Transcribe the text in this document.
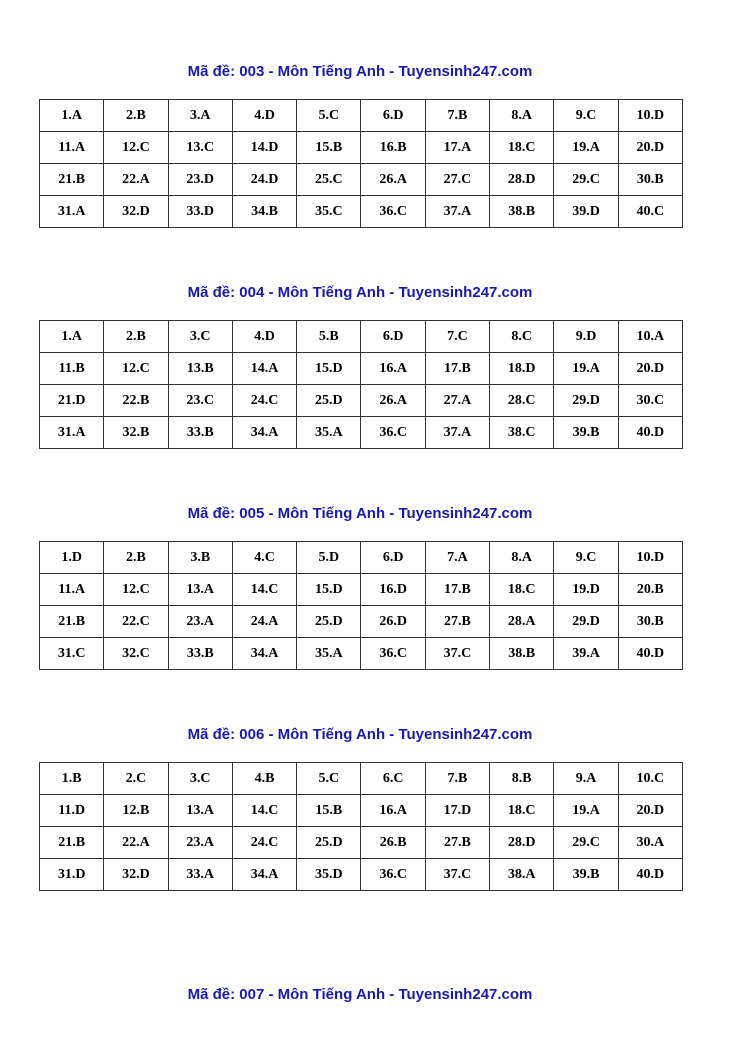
Mã đề: 003 - Môn Tiếng Anh - Tuyensinh247.com
1.A	2.B	3.A	4.D	5.C	6.D	7.B	8.A	9.C	10.D
11.A	12.C	13.C	14.D	15.B	16.B	17.A	18.C	19.A	20.D
21.B	22.A	23.D	24.D	25.C	26.A	27.C	28.D	29.C	30.B
31.A	32.D	33.D	34.B	35.C	36.C	37.A	38.B	39.D	40.C
Mã đề: 004 - Môn Tiếng Anh - Tuyensinh247.com
1.A	2.B	3.C	4.D	5.B	6.D	7.C	8.C	9.D	10.A
11.B	12.C	13.B	14.A	15.D	16.A	17.B	18.D	19.A	20.D
21.D	22.B	23.C	24.C	25.D	26.A	27.A	28.C	29.D	30.C
31.A	32.B	33.B	34.A	35.A	36.C	37.A	38.C	39.B	40.D
Mã đề: 005 - Môn Tiếng Anh - Tuyensinh247.com
1.D	2.B	3.B	4.C	5.D	6.D	7.A	8.A	9.C	10.D
11.A	12.C	13.A	14.C	15.D	16.D	17.B	18.C	19.D	20.B
21.B	22.C	23.A	24.A	25.D	26.D	27.B	28.A	29.D	30.B
31.C	32.C	33.B	34.A	35.A	36.C	37.C	38.B	39.A	40.D
Mã đề: 006 - Môn Tiếng Anh - Tuyensinh247.com
1.B	2.C	3.C	4.B	5.C	6.C	7.B	8.B	9.A	10.C
11.D	12.B	13.A	14.C	15.B	16.A	17.D	18.C	19.A	20.D
21.B	22.A	23.A	24.C	25.D	26.B	27.B	28.D	29.C	30.A
31.D	32.D	33.A	34.A	35.D	36.C	37.C	38.A	39.B	40.D
Mã đề: 007 - Môn Tiếng Anh - Tuyensinh247.com
